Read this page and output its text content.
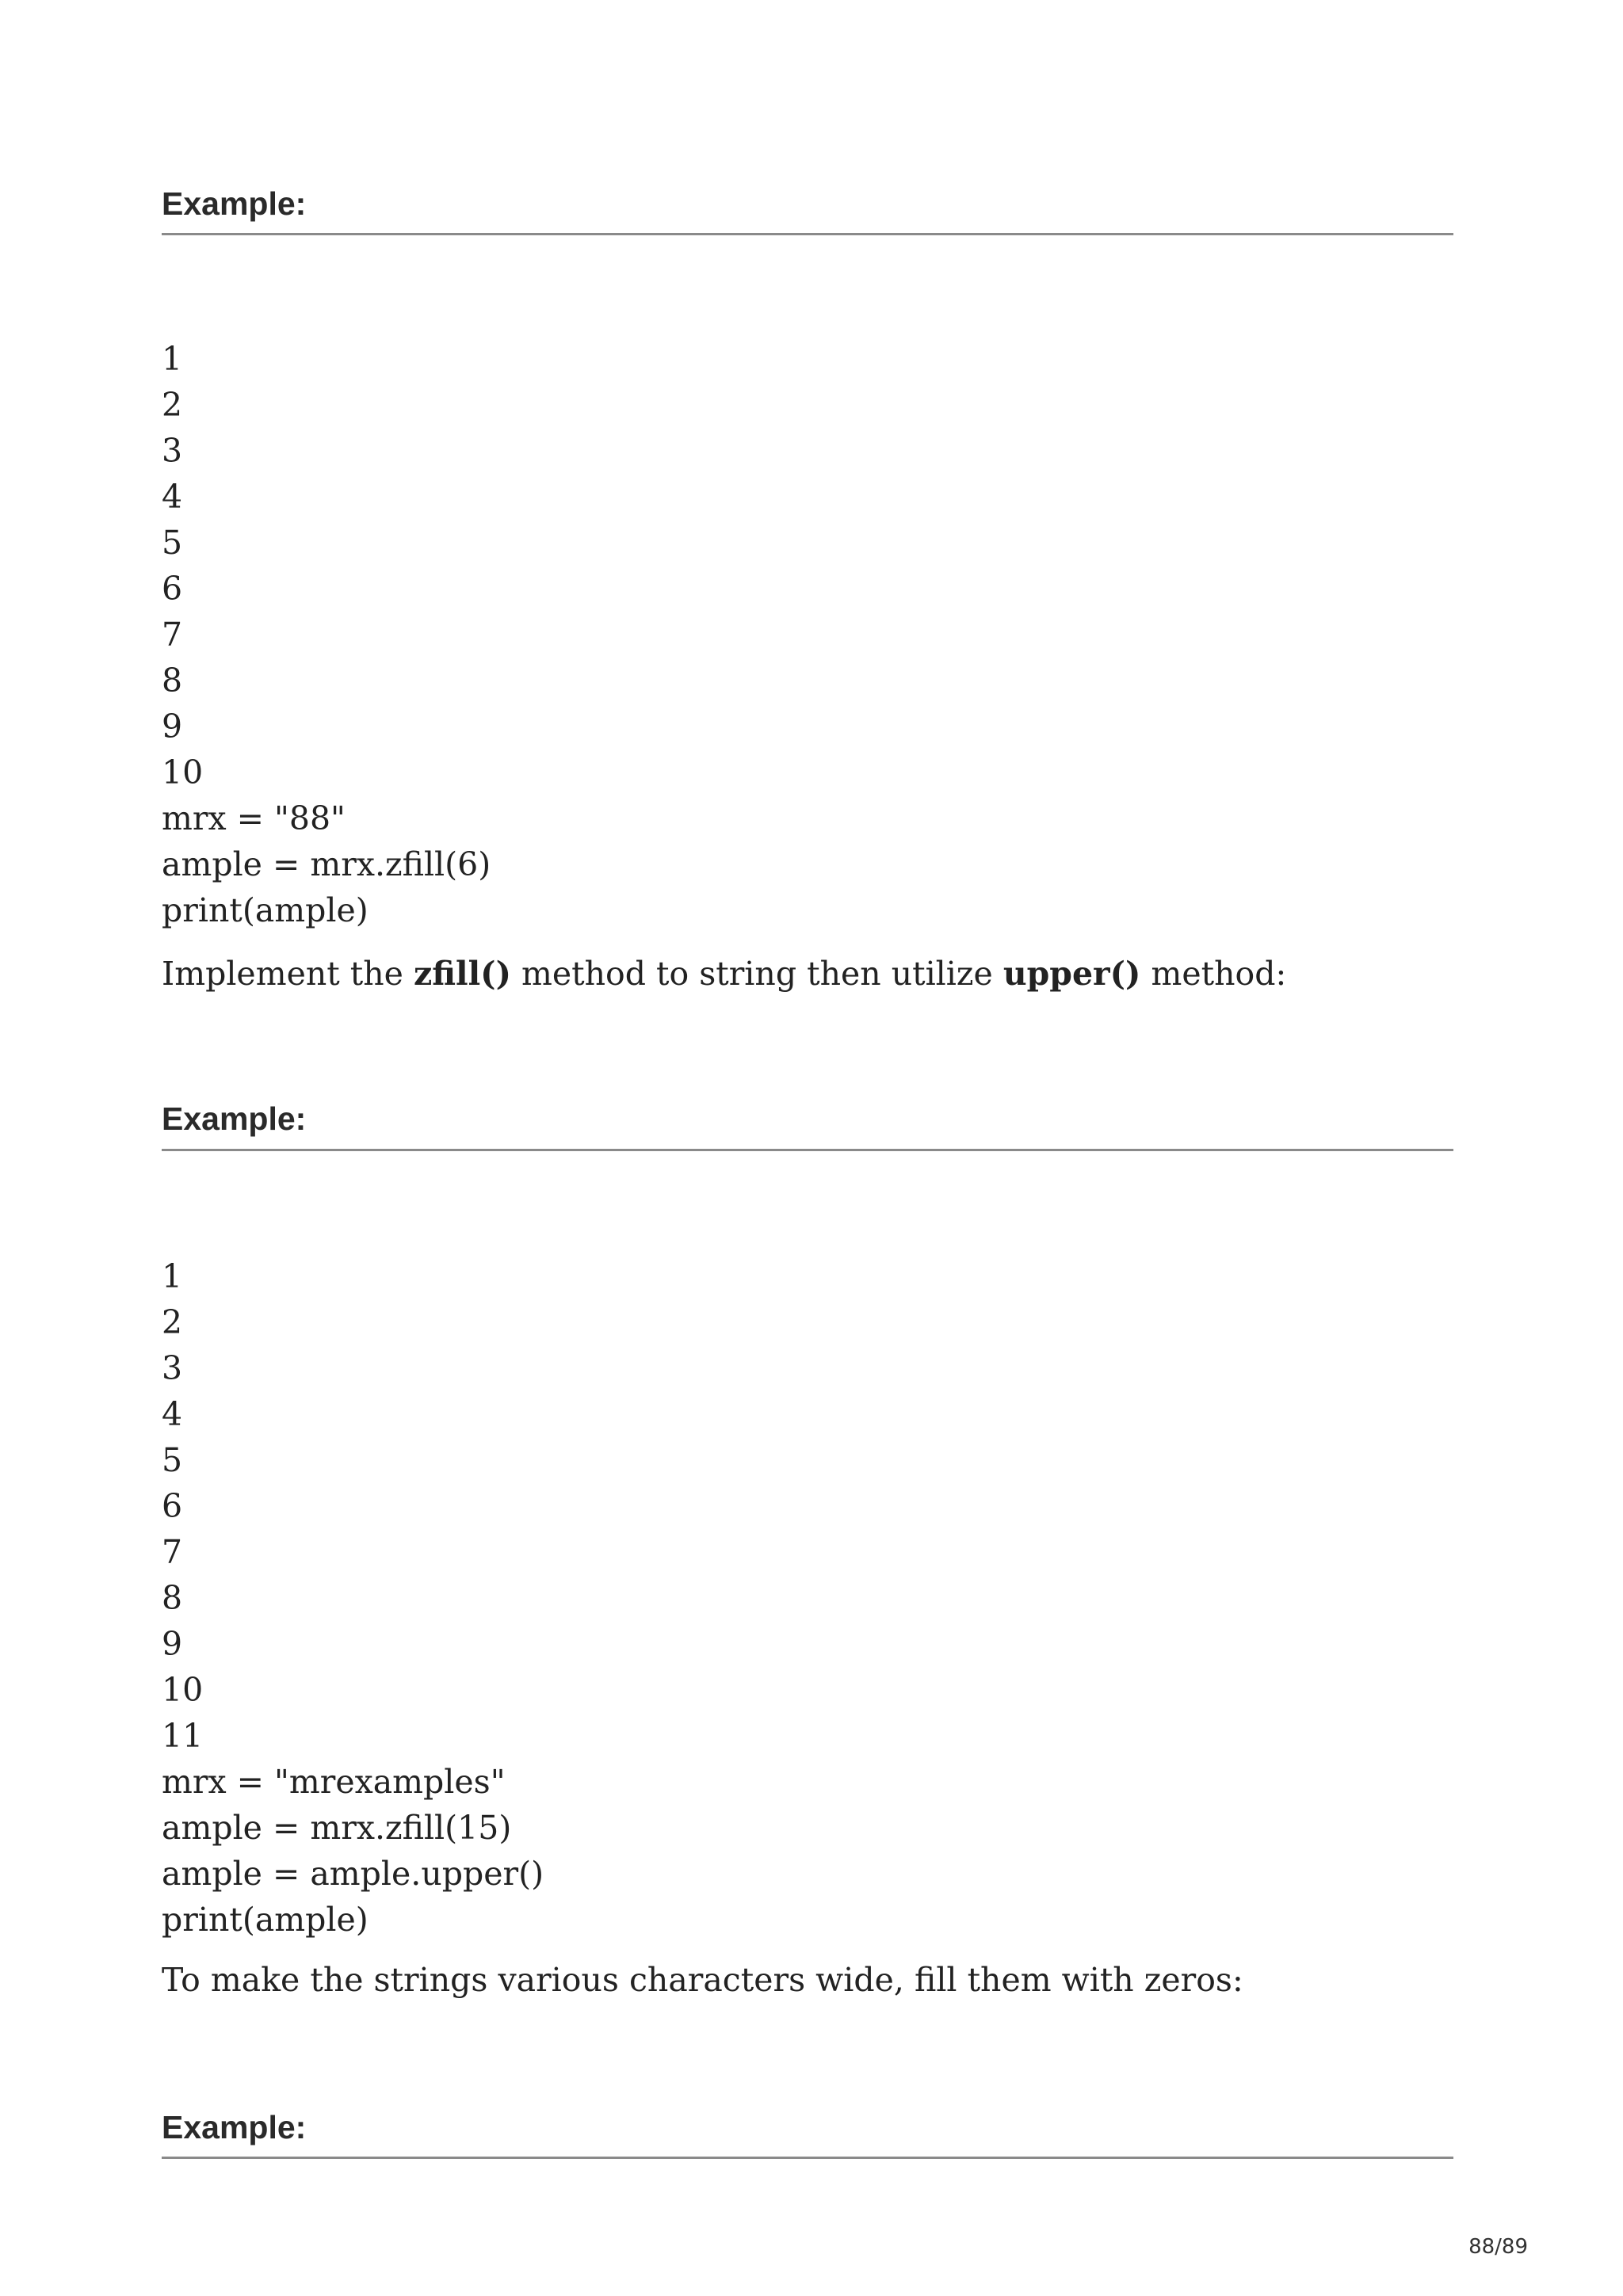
Example:
1
2
3
4
5
6
7
8
9
10
mrx = "88"
ample = mrx.zfill(6)
print(ample)

Implement the zfill() method to string then utilize upper() method:

Example:
1
2
3
4
5
6
7
8
9
10
11
mrx = "mrexamples"
ample = mrx.zfill(15)
ample = ample.upper()
print(ample)

To make the strings various characters wide, fill them with zeros:

Example:
88/89
